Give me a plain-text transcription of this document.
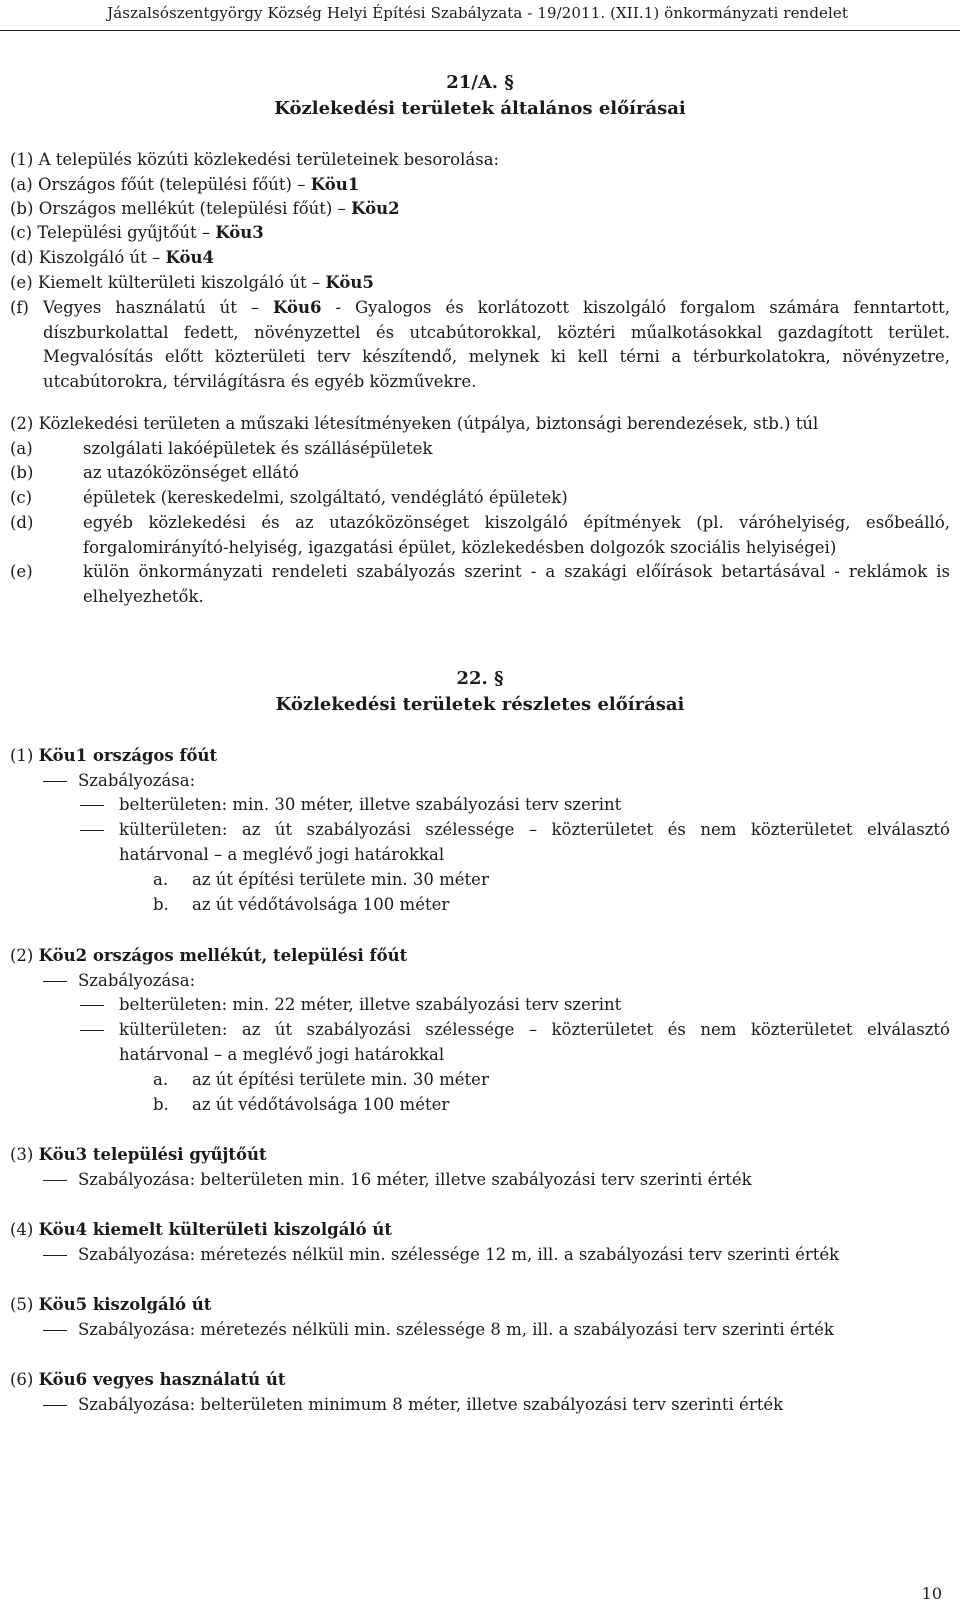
Jászalsószentgyörgy Község Helyi Építési Szabályzata - 19/2011. (XII.1) önkormányzati rendelet
21/A. §
Közlekedési területek általános előírásai
(1) A település közúti közlekedési területeinek besorolása:
(a) Országos főút (települési főút) – Köu1
(b) Országos mellékút (települési főút) – Köu2
(c) Települési gyűjtőút – Köu3
(d) Kiszolgáló út – Köu4
(e) Kiemelt külterületi kiszolgáló út – Köu5
(f) Vegyes használatú út – Köu6 - Gyalogos és korlátozott kiszolgáló forgalom számára fenntartott, díszburkolattal fedett, növényzettel és utcabútorokkal, köztéri műalkotásokkal gazdagított terület. Megvalósítás előtt közterületi terv készítendő, melynek ki kell térni a térburkolatokra, növényzetre, utcabútorokra, térvilágításra és egyéb közművekre.
(2) Közlekedési területen a műszaki létesítményeken (útpálya, biztonsági berendezések, stb.) túl
(a)	szolgálati lakóépületek és szállásépületek
(b)	az utazóközönséget ellátó
(c)	épületek (kereskedelmi, szolgáltató, vendéglátó épületek)
(d)	egyéb közlekedési és az utazóközönséget kiszolgáló építmények (pl. váróhelyiség, esőbeálló, forgalomirányító-helyiség, igazgatási épület, közlekedésben dolgozók szociális helyiségei)
(e)	külön önkormányzati rendeleti szabályozás szerint - a szakági előírások betartásával - reklámok is elhelyezhetők.
22. §
Közlekedési területek részletes előírásai
(1) Köu1 országos főút
Szabályozása:
belterületen: min. 30 méter, illetve szabályozási terv szerint
külterületen: az út szabályozási szélessége – közterületet és nem közterületet elválasztó határvonal – a meglévő jogi határokkal
a. az út építési területe min. 30 méter
b. az út védőtávolsága 100 méter
(2) Köu2 országos mellékút, települési főút
Szabályozása:
belterületen: min. 22 méter, illetve szabályozási terv szerint
külterületen: az út szabályozási szélessége – közterületet és nem közterületet elválasztó határvonal – a meglévő jogi határokkal
a. az út építési területe min. 30 méter
b. az út védőtávolsága 100 méter
(3) Köu3 települési gyűjtőút
Szabályozása: belterületen min. 16 méter, illetve szabályozási terv szerinti érték
(4) Köu4 kiemelt külterületi kiszolgáló út
Szabályozása: méretezés nélkül min. szélessége 12 m, ill. a szabályozási terv szerinti érték
(5) Köu5 kiszolgáló út
Szabályozása: méretezés nélküli min. szélessége 8 m, ill. a szabályozási terv szerinti érték
(6) Köu6 vegyes használatú út
Szabályozása: belterületen minimum 8 méter, illetve szabályozási terv szerinti érték
10
